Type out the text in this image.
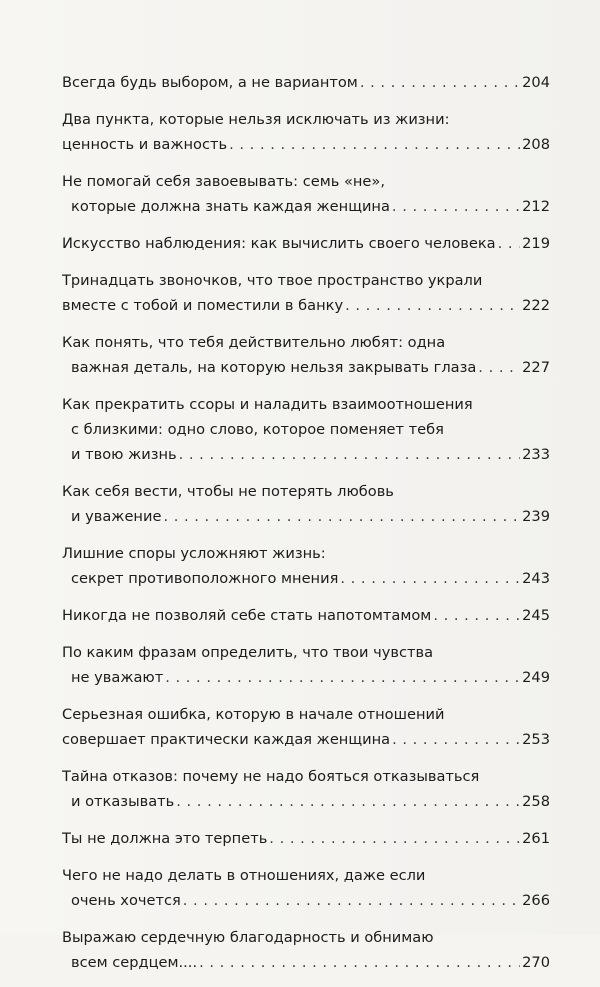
Всегда будь выбором, а не вариантом . . .	204
Два пункта, которые нельзя исключать из жизни:
ценность и важность . . .	208
Не помогай себя завоевывать: семь «не»,
которые должна знать каждая женщина . . .	212
Искусство наблюдения: как вычислить своего человека . . . 219
Тринадцать звоночков, что твое пространство украли
вместе с тобой и поместили в банку . . .	222
Как понять, что тебя действительно любят: одна
важная деталь, на которую нельзя закрывать глаза . . .	227
Как прекратить ссоры и наладить взаимоотношения
с близкими: одно слово, которое поменяет тебя
и твою жизнь . . .	233
Как себя вести, чтобы не потерять любовь
и уважение . . .	239
Лишние споры усложняют жизнь:
секрет противоположного мнения . . .	243
Никогда не позволяй себе стать напотомтамом . . .	245
По каким фразам определить, что твои чувства
не уважают . . .	249
Серьезная ошибка, которую в начале отношений
совершает практически каждая женщина . . .	253
Тайна отказов: почему не надо бояться отказываться
и отказывать . . .	258
Ты не должна это терпеть . . .	261
Чего не надо делать в отношениях, даже если
очень хочется . . .	266
Выражаю сердечную благодарность и обнимаю
всем сердцем.... . . .	270
